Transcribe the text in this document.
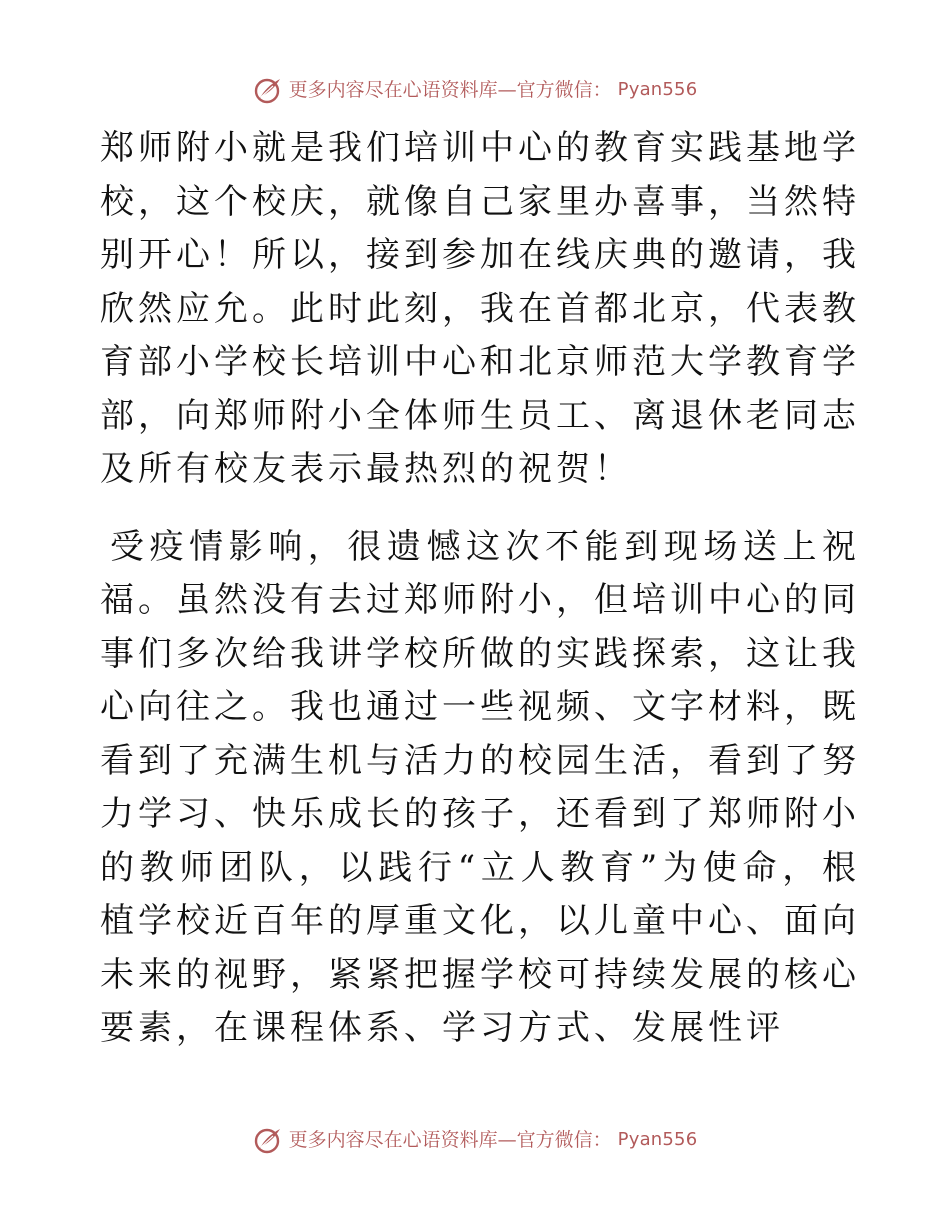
更多内容尽在心语资料库—官方微信： Pyan556

郑师附小就是我们培训中心的教育实践基地学校，这个校庆，就像自己家里办喜事，当然特别开心！所以，接到参加在线庆典的邀请，我欣然应允。此时此刻，我在首都北京，代表教育部小学校长培训中心和北京师范大学教育学部，向郑师附小全体师生员工、离退休老同志及所有校友表示最热烈的祝贺！

受疫情影响，很遗憾这次不能到现场送上祝福。虽然没有去过郑师附小，但培训中心的同事们多次给我讲学校所做的实践探索，这让我心向往之。我也通过一些视频、文字材料，既看到了充满生机与活力的校园生活，看到了努力学习、快乐成长的孩子，还看到了郑师附小的教师团队，以践行“立人教育”为使命，根植学校近百年的厚重文化，以儿童中心、面向未来的视野，紧紧把握学校可持续发展的核心要素，在课程体系、学习方式、发展性评

更多内容尽在心语资料库—官方微信： Pyan556
